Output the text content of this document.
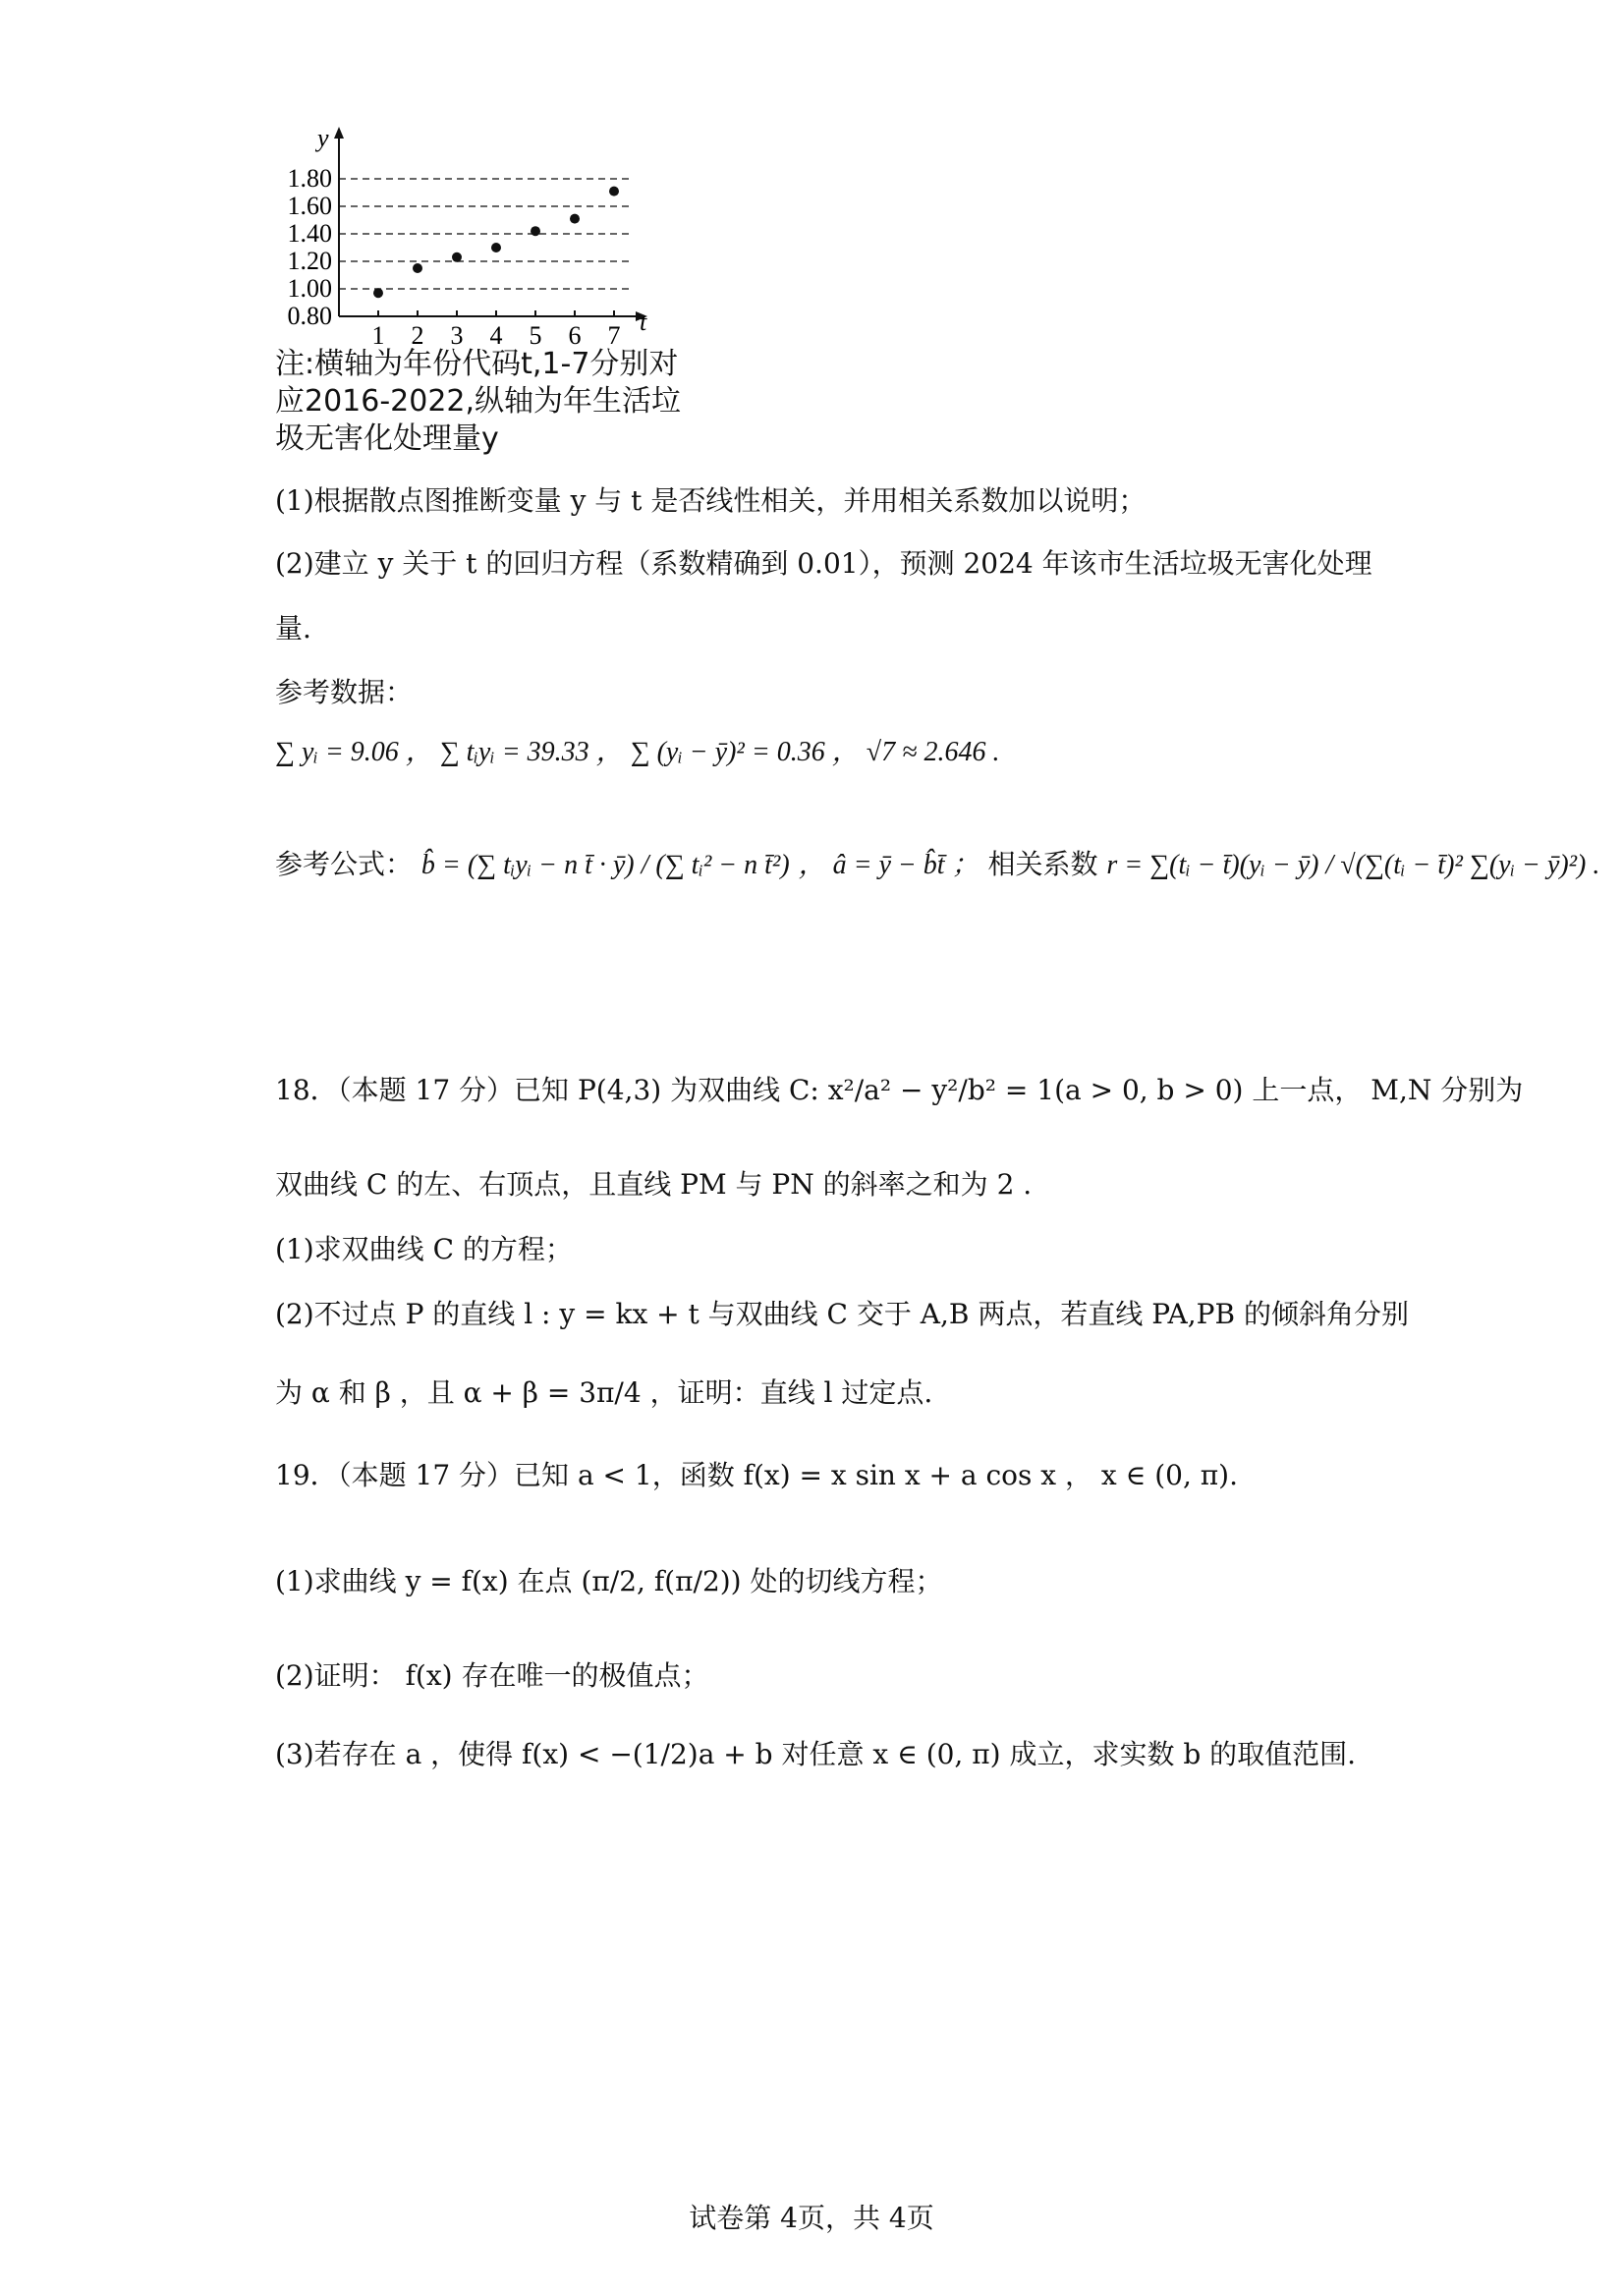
0.80
1.00
1.20
1.40
1.60
1.80
y
t
1 2 3 4 5 6 7
注:横轴为年份代码t,1-7分别对
应2016-2022,纵轴为年生活垃
圾无害化处理量y
(1)根据散点图推断变量 y 与 t 是否线性相关，并用相关系数加以说明；
(2)建立 y 关于 t 的回归方程（系数精确到 0.01），预测 2024 年该市生活垃圾无害化处理
量.
参考数据：
∑ yᵢ = 9.06 ， ∑ tᵢyᵢ = 39.33 ， ∑ (yᵢ − ȳ)² = 0.36 ， √7 ≈ 2.646 .
参考公式： b̂ = (∑ tᵢyᵢ − n t̄ · ȳ) / (∑ tᵢ² − n t̄²) ， â = ȳ − b̂t̄ ； 相关系数 r = ∑(tᵢ − t̄)(yᵢ − ȳ) / √(∑(tᵢ − t̄)² ∑(yᵢ − ȳ)²) .
18．（本题 17 分）已知 P(4,3) 为双曲线 C: x²/a² − y²/b² = 1(a > 0, b > 0) 上一点， M,N 分别为
双曲线 C 的左、右顶点，且直线 PM 与 PN 的斜率之和为 2 .
(1)求双曲线 C 的方程；
(2)不过点 P 的直线 l : y = kx + t 与双曲线 C 交于 A,B 两点，若直线 PA,PB 的倾斜角分别
为 α 和 β ，且 α + β = 3π/4 ，证明：直线 l 过定点.
19．（本题 17 分）已知 a < 1，函数 f(x) = x sin x + a cos x ， x ∈ (0, π).
(1)求曲线 y = f(x) 在点 (π/2, f(π/2)) 处的切线方程；
(2)证明： f(x) 存在唯一的极值点；
(3)若存在 a ，使得 f(x) < −(1/2)a + b 对任意 x ∈ (0, π) 成立，求实数 b 的取值范围.
试卷第 4页，共 4页
